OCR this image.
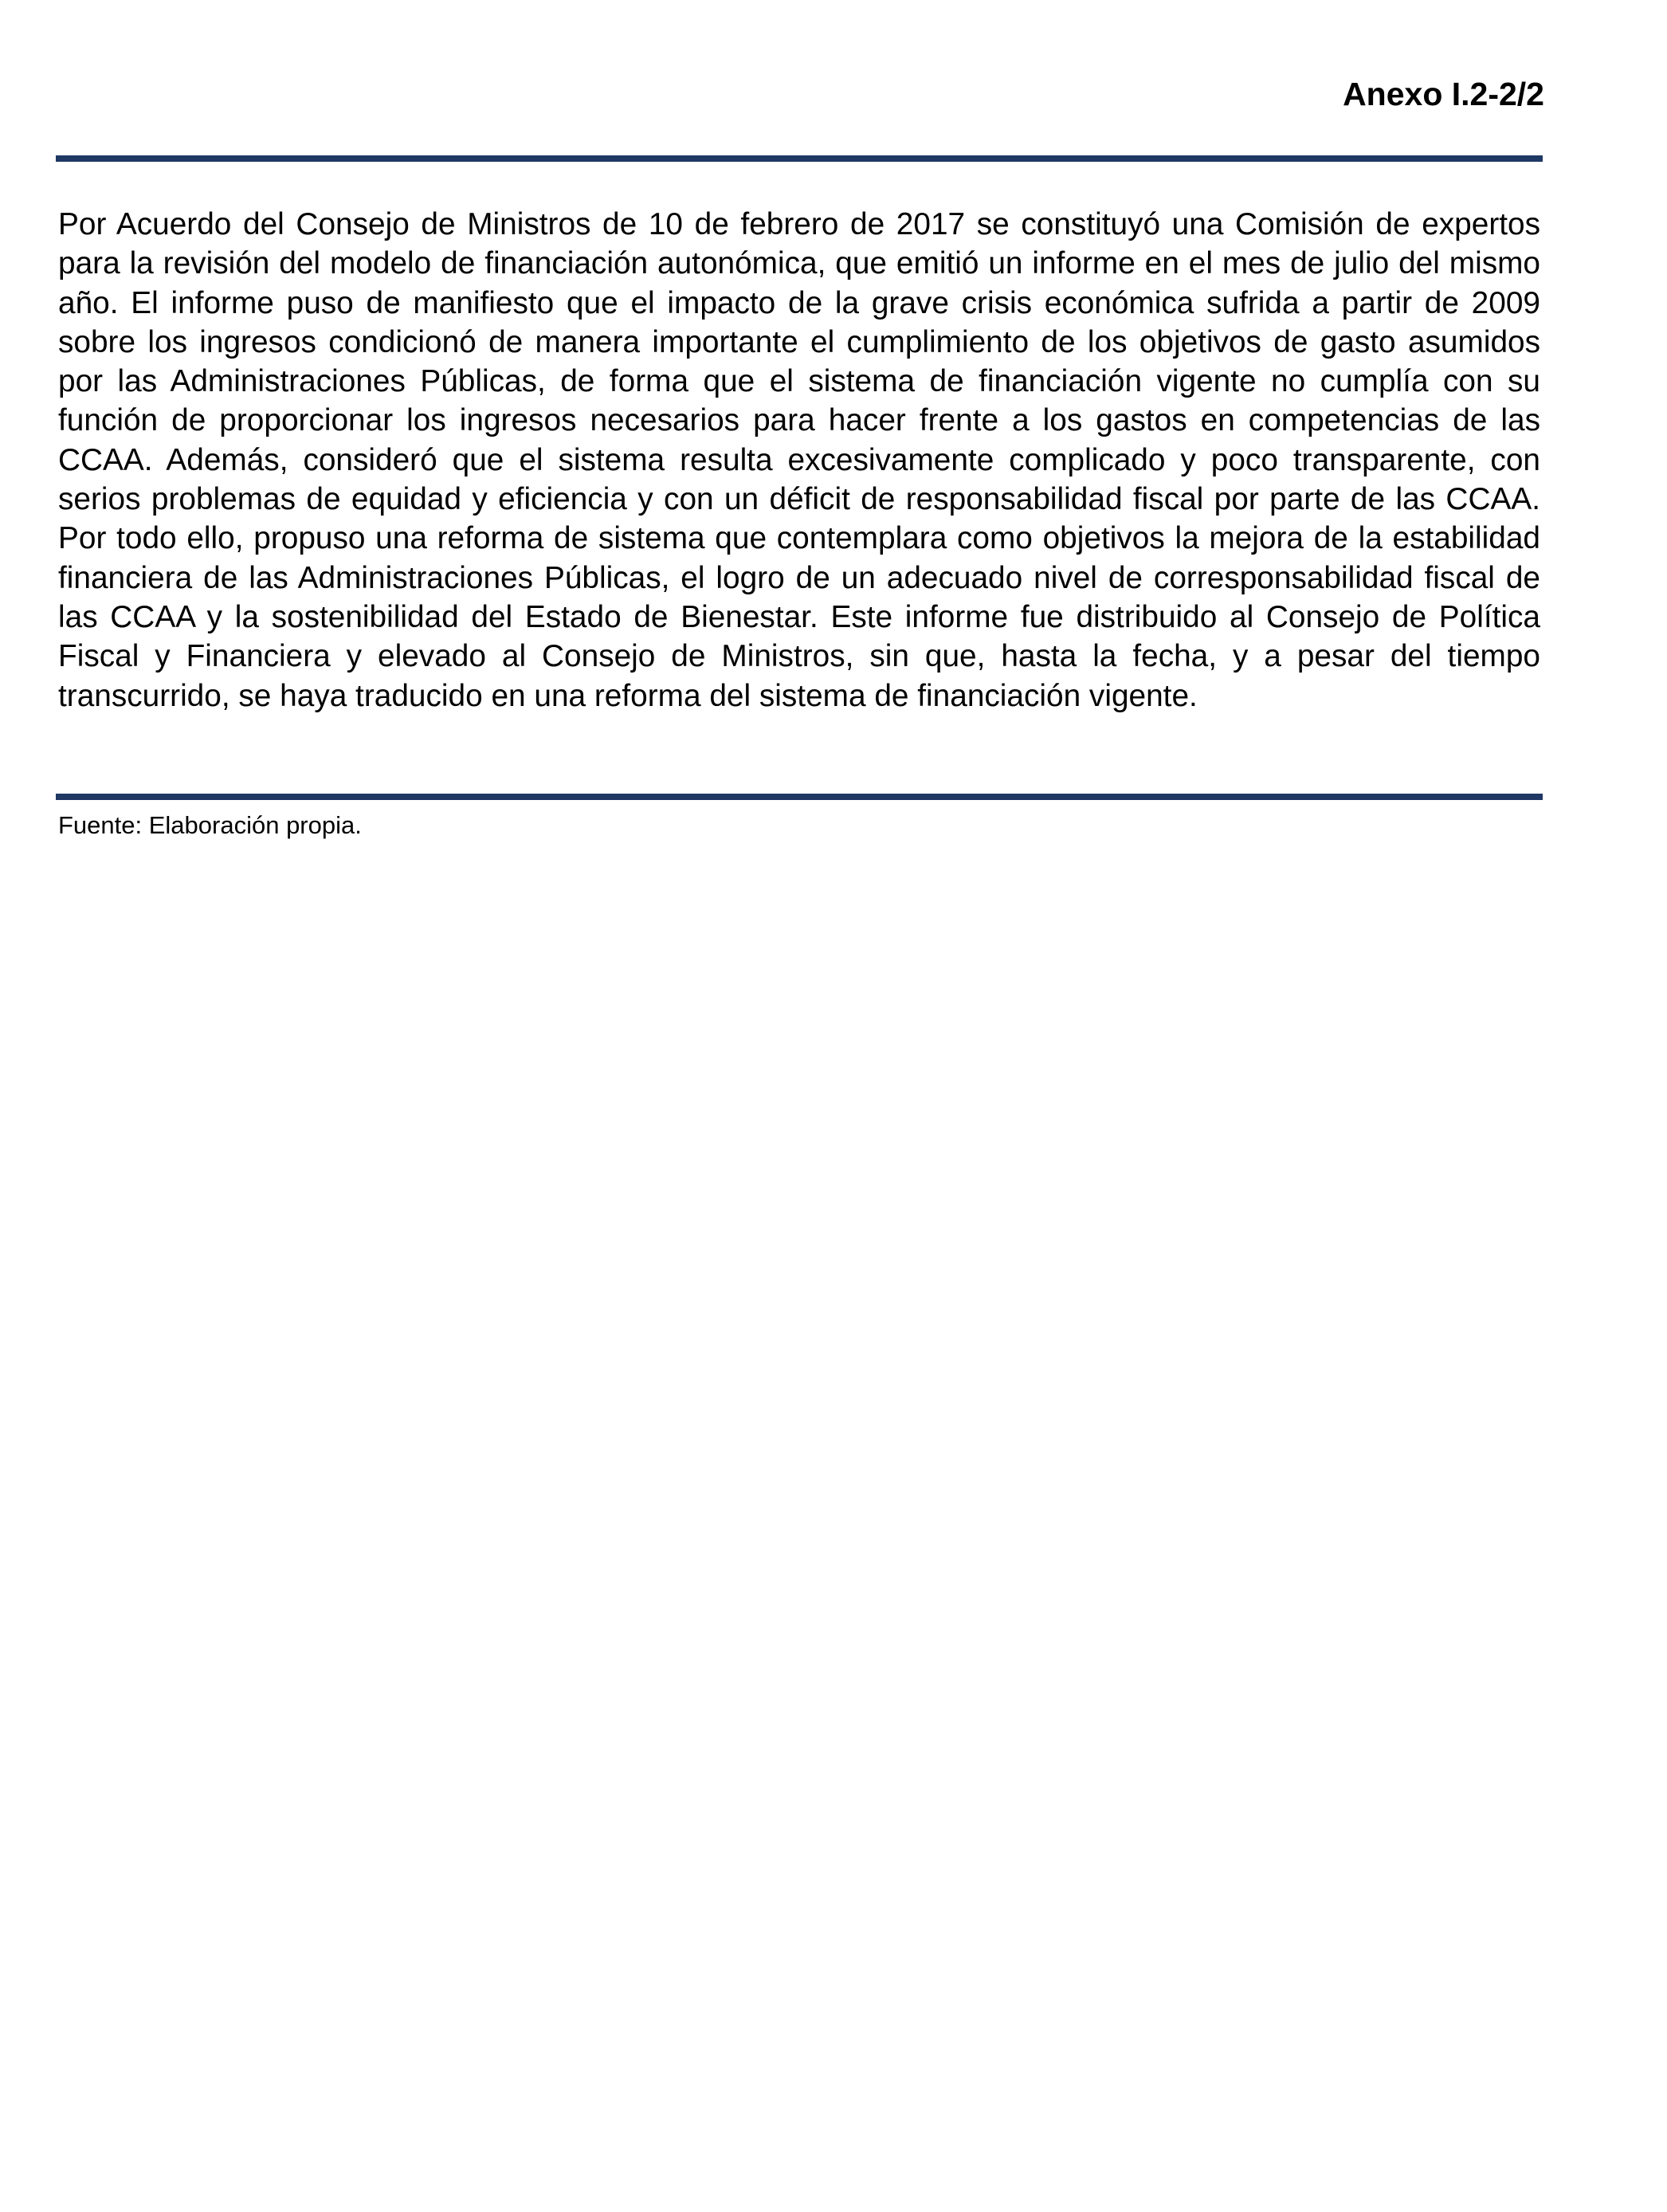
Anexo I.2-2/2

Por Acuerdo del Consejo de Ministros de 10 de febrero de 2017 se constituyó una Comisión de expertos para la revisión del modelo de financiación autonómica, que emitió un informe en el mes de julio del mismo año. El informe puso de manifiesto que el impacto de la grave crisis económica sufrida a partir de 2009 sobre los ingresos condicionó de manera importante el cumplimiento de los objetivos de gasto asumidos por las Administraciones Públicas, de forma que el sistema de financiación vigente no cumplía con su función de proporcionar los ingresos necesarios para hacer frente a los gastos en competencias de las CCAA. Además, consideró que el sistema resulta excesivamente complicado y poco transparente, con serios problemas de equidad y eficiencia y con un déficit de responsabilidad fiscal por parte de las CCAA. Por todo ello, propuso una reforma de sistema que contemplara como objetivos la mejora de la estabilidad financiera de las Administraciones Públicas, el logro de un adecuado nivel de corresponsabilidad fiscal de las CCAA y la sostenibilidad del Estado de Bienestar. Este informe fue distribuido al Consejo de Política Fiscal y Financiera y elevado al Consejo de Ministros, sin que, hasta la fecha, y a pesar del tiempo transcurrido, se haya traducido en una reforma del sistema de financiación vigente.

Fuente: Elaboración propia.
